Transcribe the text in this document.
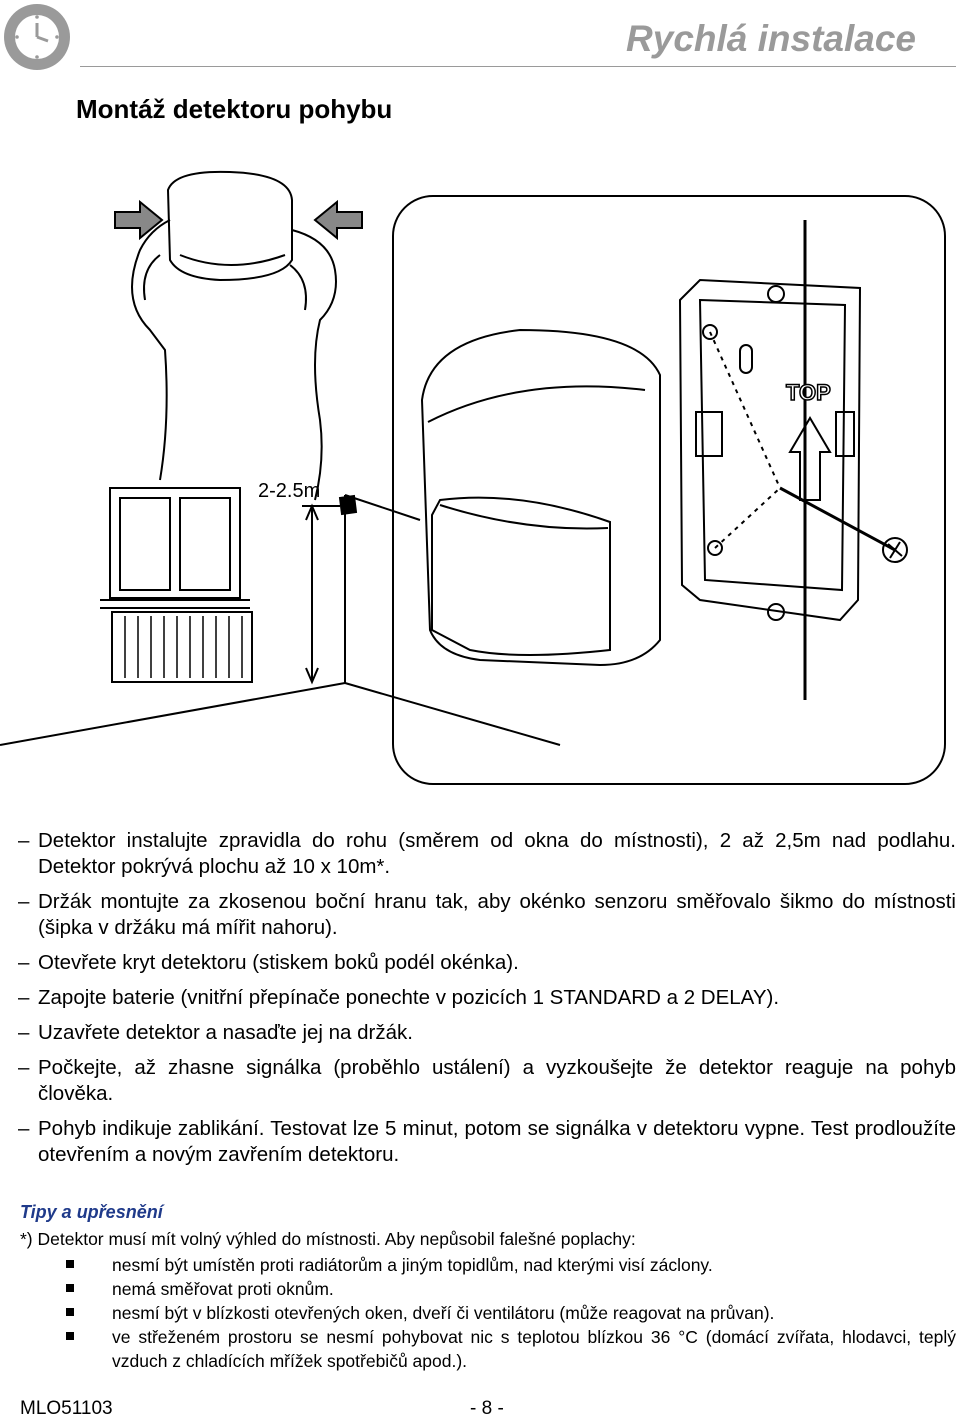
Rychlá instalace
Montáž detektoru pohybu
2-2.5m
TOP
– Detektor instalujte zpravidla do rohu (směrem od okna do místnosti), 2 až 2,5m nad podlahu. Detektor pokrývá plochu až 10 x 10m*.
– Držák montujte za zkosenou boční hranu tak, aby okénko senzoru směřovalo šikmo do místnosti (šipka v držáku má mířit nahoru).
– Otevřete kryt detektoru (stiskem boků podél okénka).
– Zapojte baterie (vnitřní přepínače ponechte v pozicích 1 STANDARD a 2 DELAY).
– Uzavřete detektor a nasaďte jej na držák.
– Počkejte, až zhasne signálka (proběhlo ustálení) a vyzkoušejte že detektor reaguje na pohyb člověka.
– Pohyb indikuje zablikání. Testovat lze 5 minut, potom se signálka v detektoru vypne. Test prodloužíte otevřením a novým zavřením detektoru.
Tipy a upřesnění
*) Detektor musí mít volný výhled do místnosti. Aby nepůsobil falešné poplachy:
nesmí být umístěn proti radiátorům a jiným topidlům, nad kterými visí záclony.
nemá směřovat proti oknům.
nesmí být v blízkosti otevřených oken, dveří či ventilátoru (může reagovat na průvan).
ve střeženém prostoru se nesmí pohybovat nic s teplotou blízkou 36 °C (domácí zvířata, hlodavci, teplý vzduch z chladících mřížek spotřebičů apod.).
MLO51103	- 8 -
